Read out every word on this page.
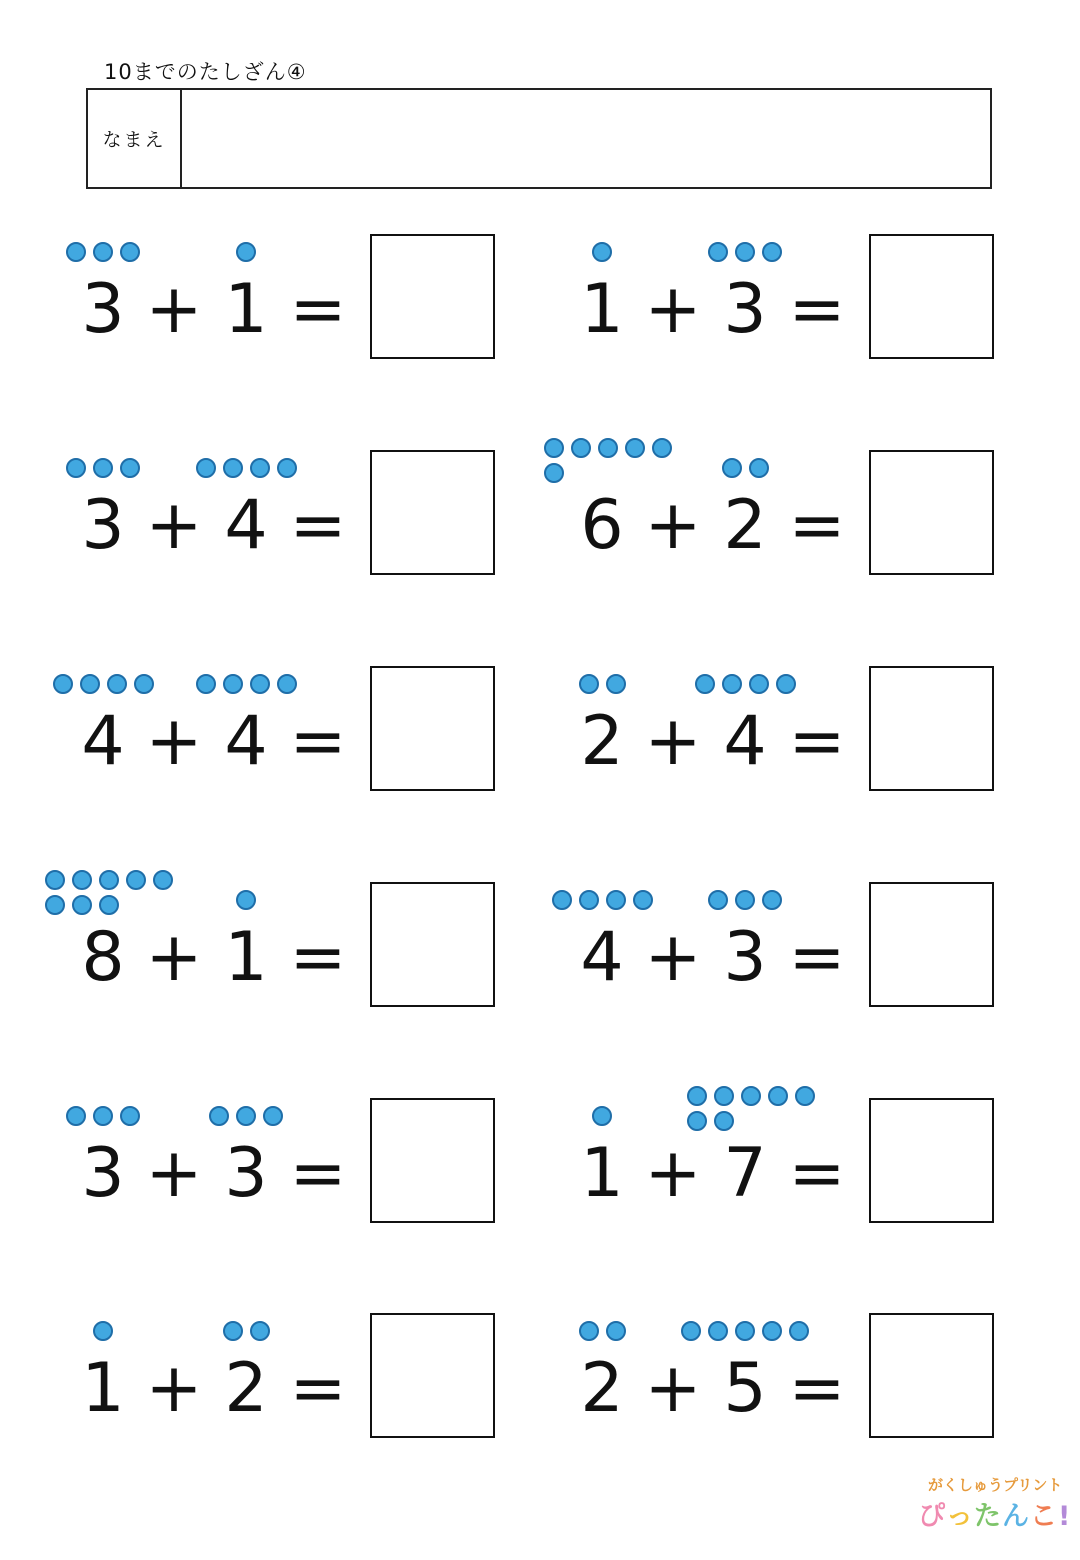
10までのたしざん④
なまえ
3 1
+ =	1 3
+ =
3 4
+ =	6 2
+ =
4 4
+ =	2 4
+ =
8 1
+ =	4 3
+ =
3 3
+ =	1 7
+ =
1 2
+ =	2 5
+ =
がくしゅうプリント
ぴったんこ!
